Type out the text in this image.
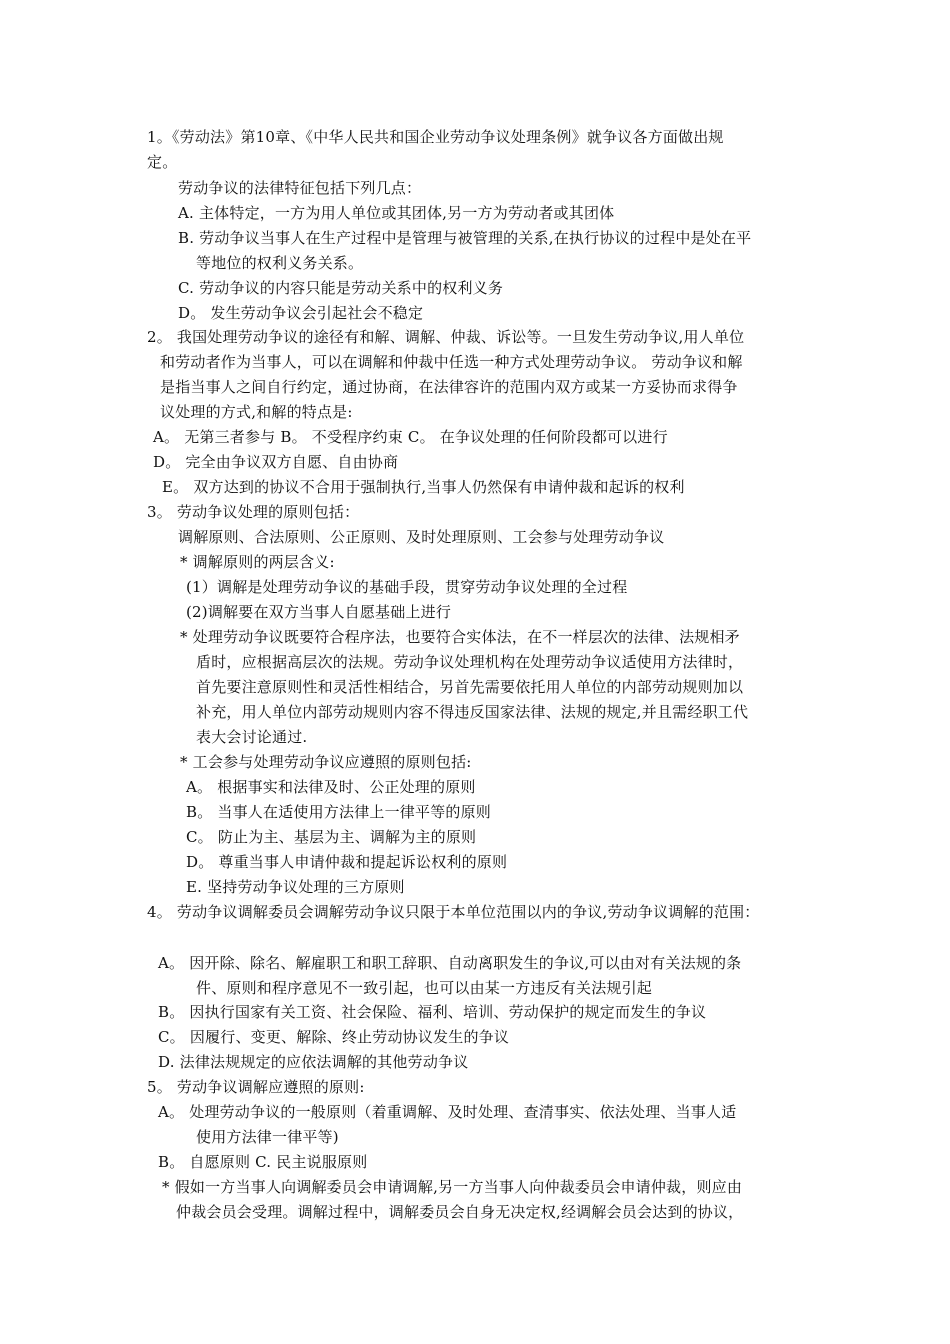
1。《劳动法》第10章、《中华人民共和国企业劳动争议处理条例》就争议各方面做出规
定。
劳动争议的法律特征包括下列几点：
A. 主体特定，一方为用人单位或其团体,另一方为劳动者或其团体
B. 劳动争议当事人在生产过程中是管理与被管理的关系,在执行协议的过程中是处在平
等地位的权利义务关系。
C. 劳动争议的内容只能是劳动关系中的权利义务
D。 发生劳动争议会引起社会不稳定
2。 我国处理劳动争议的途径有和解、调解、仲裁、诉讼等。一旦发生劳动争议,用人单位
和劳动者作为当事人，可以在调解和仲裁中任选一种方式处理劳动争议。 劳动争议和解
是指当事人之间自行约定，通过协商，在法律容许的范围内双方或某一方妥协而求得争
议处理的方式,和解的特点是:
A。 无第三者参与 B。 不受程序约束 C。 在争议处理的任何阶段都可以进行
D。 完全由争议双方自愿、自由协商
E。 双方达到的协议不合用于强制执行,当事人仍然保有申请仲裁和起诉的权利
3。 劳动争议处理的原则包括：
调解原则、合法原则、公正原则、及时处理原则、工会参与处理劳动争议
* 调解原则的两层含义:
(1）调解是处理劳动争议的基础手段，贯穿劳动争议处理的全过程
(2)调解要在双方当事人自愿基础上进行
* 处理劳动争议既要符合程序法，也要符合实体法，在不一样层次的法律、法规相矛
盾时，应根据高层次的法规。劳动争议处理机构在处理劳动争议适使用方法律时，
首先要注意原则性和灵活性相结合，另首先需要依托用人单位的内部劳动规则加以
补充，用人单位内部劳动规则内容不得违反国家法律、法规的规定,并且需经职工代
表大会讨论通过.
* 工会参与处理劳动争议应遵照的原则包括:
A。 根据事实和法律及时、公正处理的原则
B。 当事人在适使用方法律上一律平等的原则
C。 防止为主、基层为主、调解为主的原则
D。 尊重当事人申请仲裁和提起诉讼权利的原则
E. 坚持劳动争议处理的三方原则
4。 劳动争议调解委员会调解劳动争议只限于本单位范围以内的争议,劳动争议调解的范围：
A。 因开除、除名、解雇职工和职工辞职、自动离职发生的争议,可以由对有关法规的条
件、原则和程序意见不一致引起，也可以由某一方违反有关法规引起
B。 因执行国家有关工资、社会保险、福利、培训、劳动保护的规定而发生的争议
C。 因履行、变更、解除、终止劳动协议发生的争议
D. 法律法规规定的应依法调解的其他劳动争议
5。 劳动争议调解应遵照的原则:
A。 处理劳动争议的一般原则（着重调解、及时处理、查清事实、依法处理、当事人适
使用方法律一律平等)
B。 自愿原则 C. 民主说服原则
* 假如一方当事人向调解委员会申请调解,另一方当事人向仲裁委员会申请仲裁，则应由
仲裁会员会受理。调解过程中，调解委员会自身无决定权,经调解会员会达到的协议，
